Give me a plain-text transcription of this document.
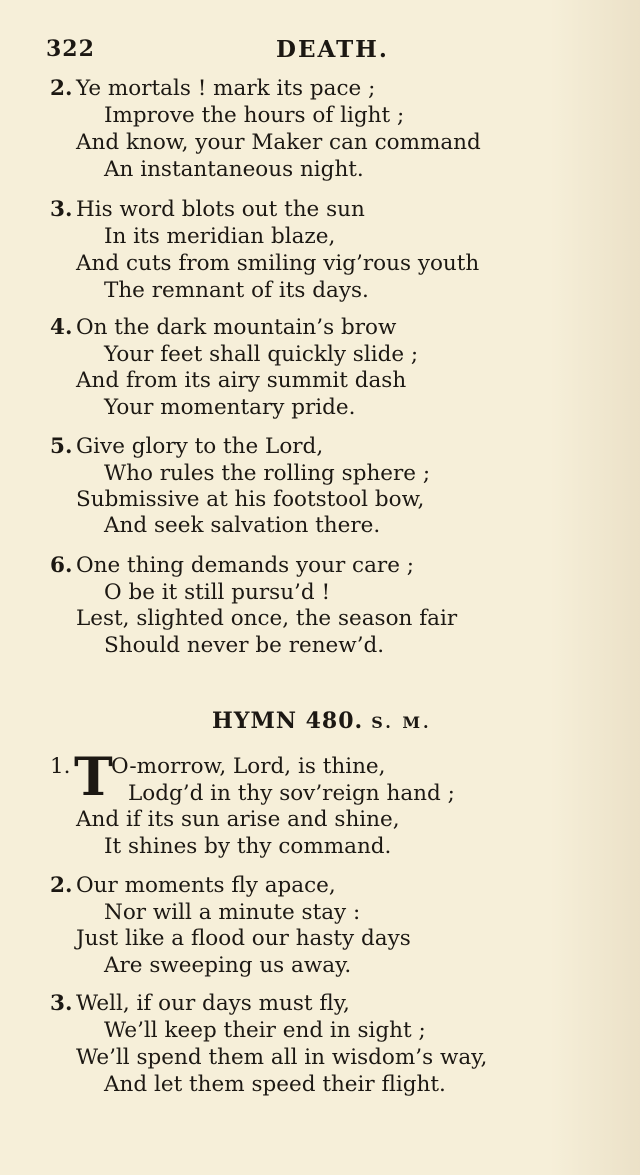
322	DEATH.
2. Ye mortals ! mark its pace ;
Improve the hours of light ;
And know, your Maker can command
An instantaneous night.
3. His word blots out the sun
In its meridian blaze,
And cuts from smiling vig’rous youth
The remnant of its days.
4. On the dark mountain’s brow
Your feet shall quickly slide ;
And from its airy summit dash
Your momentary pride.
5. Give glory to the Lord,
Who rules the rolling sphere ;
Submissive at his footstool bow,
And seek salvation there.
6. One thing demands your care ;
O be it still pursu’d !
Lest, slighted once, the season fair
Should never be renew’d.
HYMN 480. S. M.
1. T
O-morrow, Lord, is thine,
Lodg’d in thy sov’reign hand ;
And if its sun arise and shine,
It shines by thy command.
2. Our moments fly apace,
Nor will a minute stay :
Just like a flood our hasty days
Are sweeping us away.
3. Well, if our days must fly,
We’ll keep their end in sight ;
We’ll spend them all in wisdom’s way,
And let them speed their flight.
